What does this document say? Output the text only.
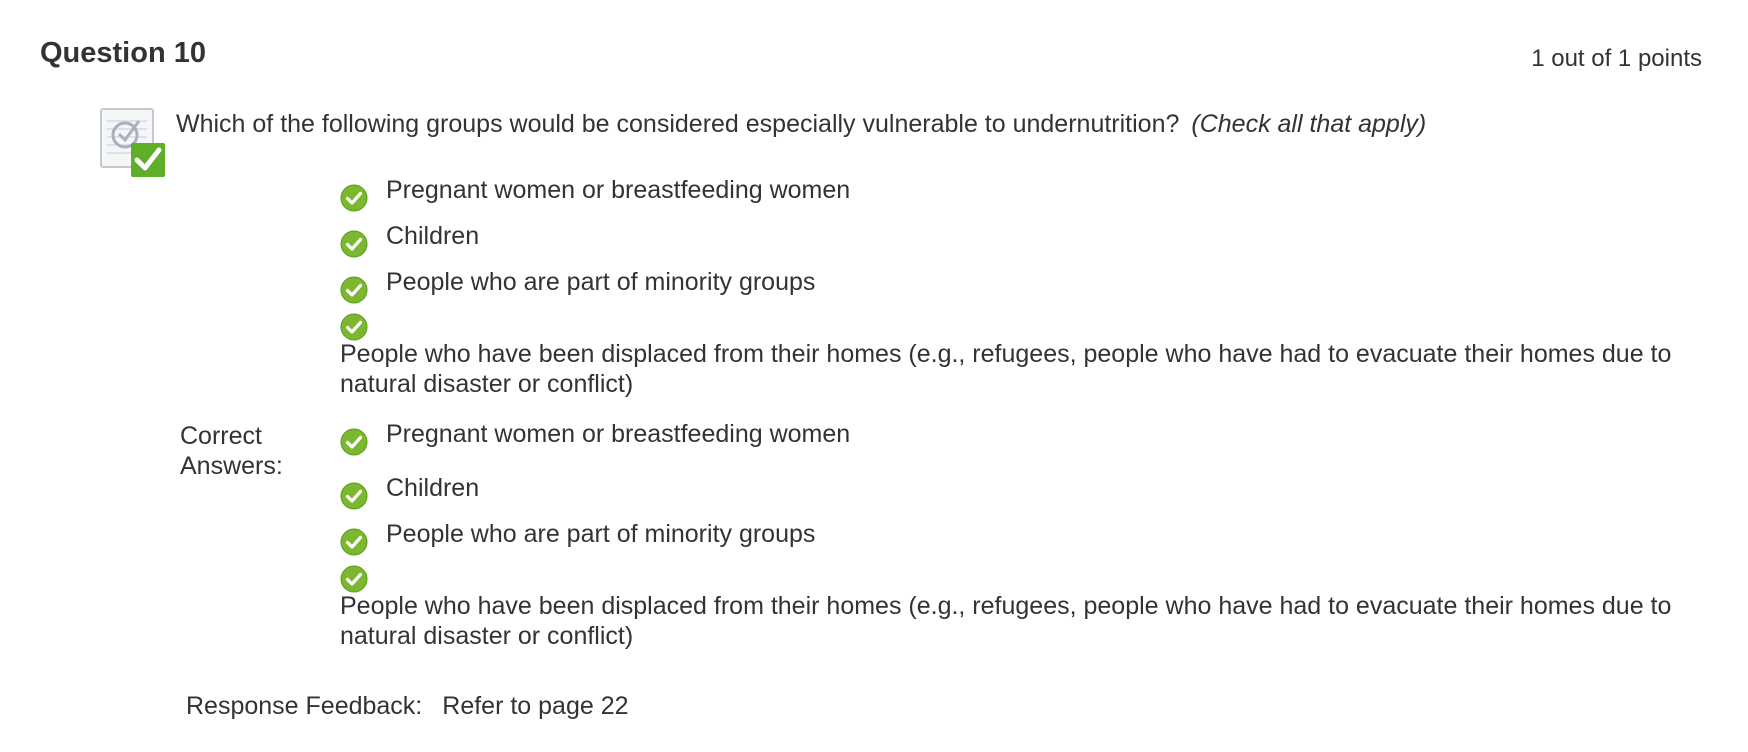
Question 10	1 out of 1 points
Which of the following groups would be considered especially vulnerable to undernutrition? (Check all that apply)
Pregnant women or breastfeeding women
Children
People who are part of minority groups
People who have been displaced from their homes (e.g., refugees, people who have had to evacuate their homes due to natural disaster or conflict)
Correct Answers:
Pregnant women or breastfeeding women
Children
People who are part of minority groups
People who have been displaced from their homes (e.g., refugees, people who have had to evacuate their homes due to natural disaster or conflict)
Response Feedback: Refer to page 22
